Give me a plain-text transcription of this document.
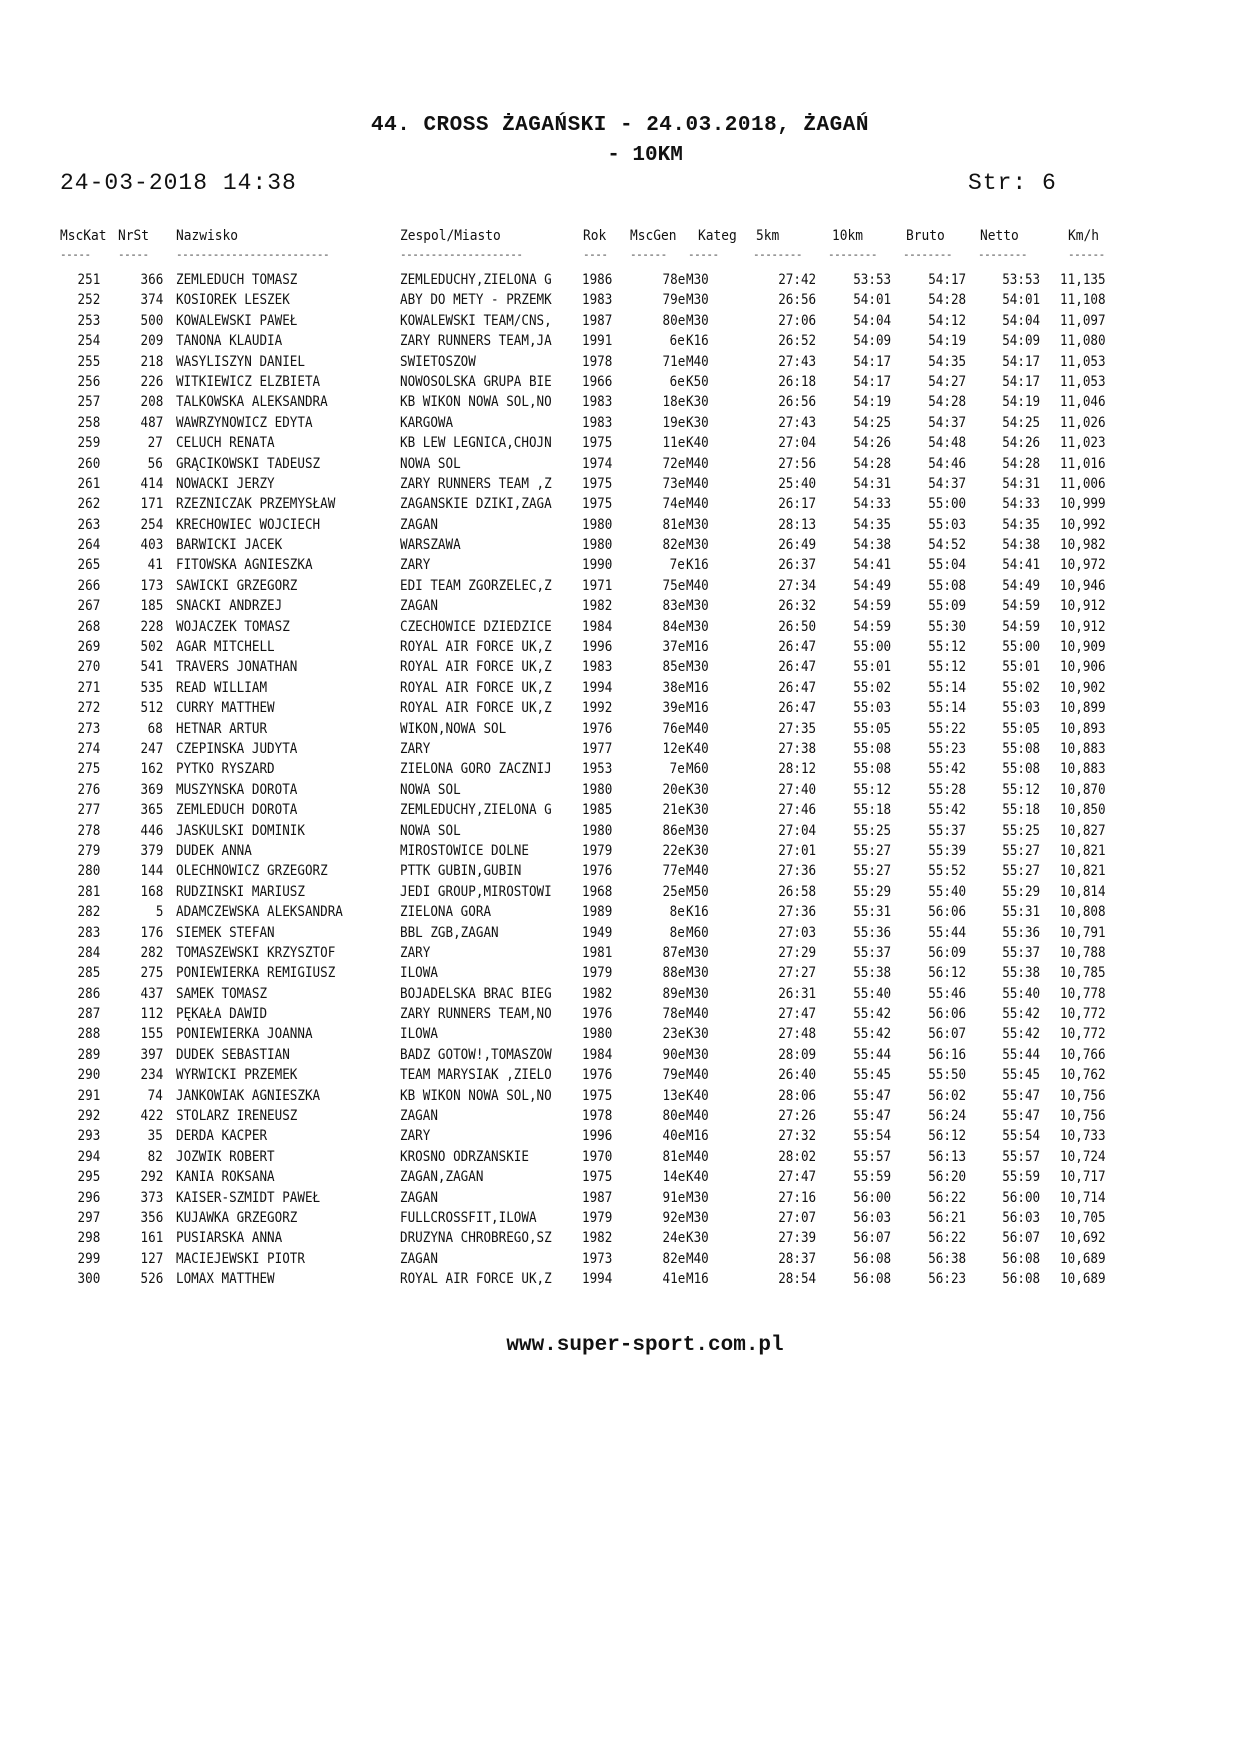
44. CROSS ŻAGAŃSKI - 24.03.2018, ŻAGAŃ
- 10KM
24-03-2018 14:38	Str: 6
MscKat NrSt Nazwisko	Zespol/Miasto	Rok MscGen Kateg 5km	10km	Bruto	Netto	Km/h
----- ----- -------------------------	--------------------	---- ------ -----	-------- -------- -------- --------	------
251	366 ZEMLEDUCH TOMASZ	ZEMLEDUCHY,ZIELONA G 1986	78e M30	27:42	53:53	54:17	53:53 11,135
252	374 KOSIOREK LESZEK	ABY DO METY - PRZEMK 1983	79e M30	26:56	54:01	54:28	54:01 11,108
253	500 KOWALEWSKI PAWEŁ	KOWALEWSKI TEAM/CNS, 1987	80e M30	27:06	54:04	54:12	54:04 11,097
254	209 TANONA KLAUDIA	ZARY RUNNERS TEAM,JA 1991	6e K16	26:52	54:09	54:19	54:09 11,080
255	218 WASYLISZYN DANIEL	SWIETOSZOW	1978	71e M40	27:43	54:17	54:35	54:17 11,053
256	226 WITKIEWICZ ELZBIETA	NOWOSOLSKA GRUPA BIE 1966	6e K50	26:18	54:17	54:27	54:17 11,053
257	208 TALKOWSKA ALEKSANDRA	KB WIKON NOWA SOL,NO 1983	18e K30	26:56	54:19	54:28	54:19 11,046
258	487 WAWRZYNOWICZ EDYTA	KARGOWA	1983	19e K30	27:43	54:25	54:37	54:25 11,026
259	27 CELUCH RENATA	KB LEW LEGNICA,CHOJN 1975	11e K40	27:04	54:26	54:48	54:26 11,023
260	56 GRĄCIKOWSKI TADEUSZ	NOWA SOL	1974	72e M40	27:56	54:28	54:46	54:28 11,016
261	414 NOWACKI JERZY	ZARY RUNNERS TEAM ,Z 1975	73e M40	25:40	54:31	54:37	54:31 11,006
262	171 RZEZNICZAK PRZEMYSŁAW	ZAGANSKIE DZIKI,ZAGA 1975	74e M40	26:17	54:33	55:00	54:33 10,999
263	254 KRECHOWIEC WOJCIECH	ZAGAN	1980	81e M30	28:13	54:35	55:03	54:35 10,992
264	403 BARWICKI JACEK	WARSZAWA	1980	82e M30	26:49	54:38	54:52	54:38 10,982
265	41 FITOWSKA AGNIESZKA	ZARY	1990	7e K16	26:37	54:41	55:04	54:41 10,972
266	173 SAWICKI GRZEGORZ	EDI TEAM ZGORZELEC,Z 1971	75e M40	27:34	54:49	55:08	54:49 10,946
267	185 SNACKI ANDRZEJ	ZAGAN	1982	83e M30	26:32	54:59	55:09	54:59 10,912
268	228 WOJACZEK TOMASZ	CZECHOWICE DZIEDZICE 1984	84e M30	26:50	54:59	55:30	54:59 10,912
269	502 AGAR MITCHELL	ROYAL AIR FORCE UK,Z 1996	37e M16	26:47	55:00	55:12	55:00 10,909
270	541 TRAVERS JONATHAN	ROYAL AIR FORCE UK,Z 1983	85e M30	26:47	55:01	55:12	55:01 10,906
271	535 READ WILLIAM	ROYAL AIR FORCE UK,Z 1994	38e M16	26:47	55:02	55:14	55:02 10,902
272	512 CURRY MATTHEW	ROYAL AIR FORCE UK,Z 1992	39e M16	26:47	55:03	55:14	55:03 10,899
273	68 HETNAR ARTUR	WIKON,NOWA SOL	1976	76e M40	27:35	55:05	55:22	55:05 10,893
274	247 CZEPINSKA JUDYTA	ZARY	1977	12e K40	27:38	55:08	55:23	55:08 10,883
275	162 PYTKO RYSZARD	ZIELONA GORO ZACZNIJ 1953	7e M60	28:12	55:08	55:42	55:08 10,883
276	369 MUSZYNSKA DOROTA	NOWA SOL	1980	20e K30	27:40	55:12	55:28	55:12 10,870
277	365 ZEMLEDUCH DOROTA	ZEMLEDUCHY,ZIELONA G 1985	21e K30	27:46	55:18	55:42	55:18 10,850
278	446 JASKULSKI DOMINIK	NOWA SOL	1980	86e M30	27:04	55:25	55:37	55:25 10,827
279	379 DUDEK ANNA	MIROSTOWICE DOLNE	1979	22e K30	27:01	55:27	55:39	55:27 10,821
280	144 OLECHNOWICZ GRZEGORZ	PTTK GUBIN,GUBIN	1976	77e M40	27:36	55:27	55:52	55:27 10,821
281	168 RUDZINSKI MARIUSZ	JEDI GROUP,MIROSTOWI 1968	25e M50	26:58	55:29	55:40	55:29 10,814
282	5 ADAMCZEWSKA ALEKSANDRA	ZIELONA GORA	1989	8e K16	27:36	55:31	56:06	55:31 10,808
283	176 SIEMEK STEFAN	BBL ZGB,ZAGAN	1949	8e M60	27:03	55:36	55:44	55:36 10,791
284	282 TOMASZEWSKI KRZYSZTOF	ZARY	1981	87e M30	27:29	55:37	56:09	55:37 10,788
285	275 PONIEWIERKA REMIGIUSZ	ILOWA	1979	88e M30	27:27	55:38	56:12	55:38 10,785
286	437 SAMEK TOMASZ	BOJADELSKA BRAC BIEG 1982	89e M30	26:31	55:40	55:46	55:40 10,778
287	112 PĘKAŁA DAWID	ZARY RUNNERS TEAM,NO 1976	78e M40	27:47	55:42	56:06	55:42 10,772
288	155 PONIEWIERKA JOANNA	ILOWA	1980	23e K30	27:48	55:42	56:07	55:42 10,772
289	397 DUDEK SEBASTIAN	BADZ GOTOW!,TOMASZOW 1984	90e M30	28:09	55:44	56:16	55:44 10,766
290	234 WYRWICKI PRZEMEK	TEAM MARYSIAK ,ZIELO 1976	79e M40	26:40	55:45	55:50	55:45 10,762
291	74 JANKOWIAK AGNIESZKA	KB WIKON NOWA SOL,NO 1975	13e K40	28:06	55:47	56:02	55:47 10,756
292	422 STOLARZ IRENEUSZ	ZAGAN	1978	80e M40	27:26	55:47	56:24	55:47 10,756
293	35 DERDA KACPER	ZARY	1996	40e M16	27:32	55:54	56:12	55:54 10,733
294	82 JOZWIK ROBERT	KROSNO ODRZANSKIE	1970	81e M40	28:02	55:57	56:13	55:57 10,724
295	292 KANIA ROKSANA	ZAGAN,ZAGAN	1975	14e K40	27:47	55:59	56:20	55:59 10,717
296	373 KAISER-SZMIDT PAWEŁ	ZAGAN	1987	91e M30	27:16	56:00	56:22	56:00 10,714
297	356 KUJAWKA GRZEGORZ	FULLCROSSFIT,ILOWA	1979	92e M30	27:07	56:03	56:21	56:03 10,705
298	161 PUSIARSKA ANNA	DRUZYNA CHROBREGO,SZ 1982	24e K30	27:39	56:07	56:22	56:07 10,692
299	127 MACIEJEWSKI PIOTR	ZAGAN	1973	82e M40	28:37	56:08	56:38	56:08 10,689
300	526 LOMAX MATTHEW	ROYAL AIR FORCE UK,Z 1994	41e M16	28:54	56:08	56:23	56:08 10,689
www.super-sport.com.pl
